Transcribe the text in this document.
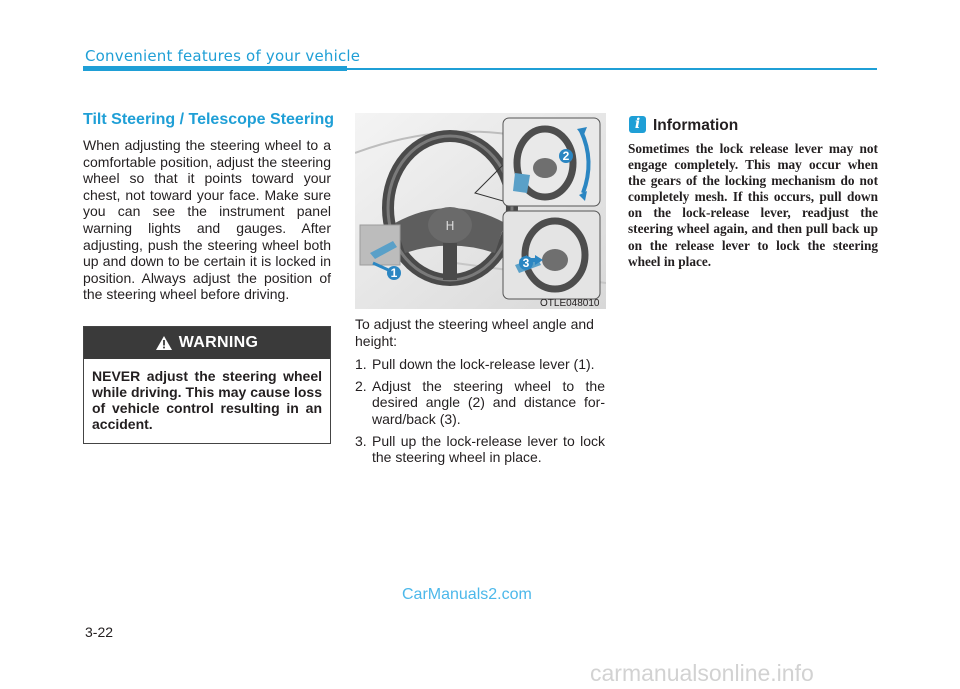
Convenient features of your vehicle
Tilt Steering / Telescope Steering
When adjusting the steering wheel to a comfortable position, adjust the steering wheel so that it points toward your chest, not toward your face. Make sure you can see the instrument panel warning lights and gauges. After adjusting, push the steering wheel both up and down to be certain it is locked in position. Always adjust the position of the steering wheel before driving.
WARNING
NEVER adjust the steering wheel while driving. This may cause loss of vehicle control resulting in an accident.
H
1
2
3
OTLE048010

To adjust the steering wheel angle and height:

1. Pull down the lock-release lever (1).
2. Adjust the steering wheel to the desired angle (2) and distance for-ward/back (3).
3. Pull up the lock-release lever to lock the steering wheel in place.
i Information
Sometimes the lock release lever may not engage completely. This may occur when the gears of the locking mechanism do not completely mesh. If this occurs, pull down on the lock-release lever, readjust the steering wheel again, and then pull back up on the release lever to lock the steering wheel in place.
CarManuals2.com
3-22
carmanualsonline.info
